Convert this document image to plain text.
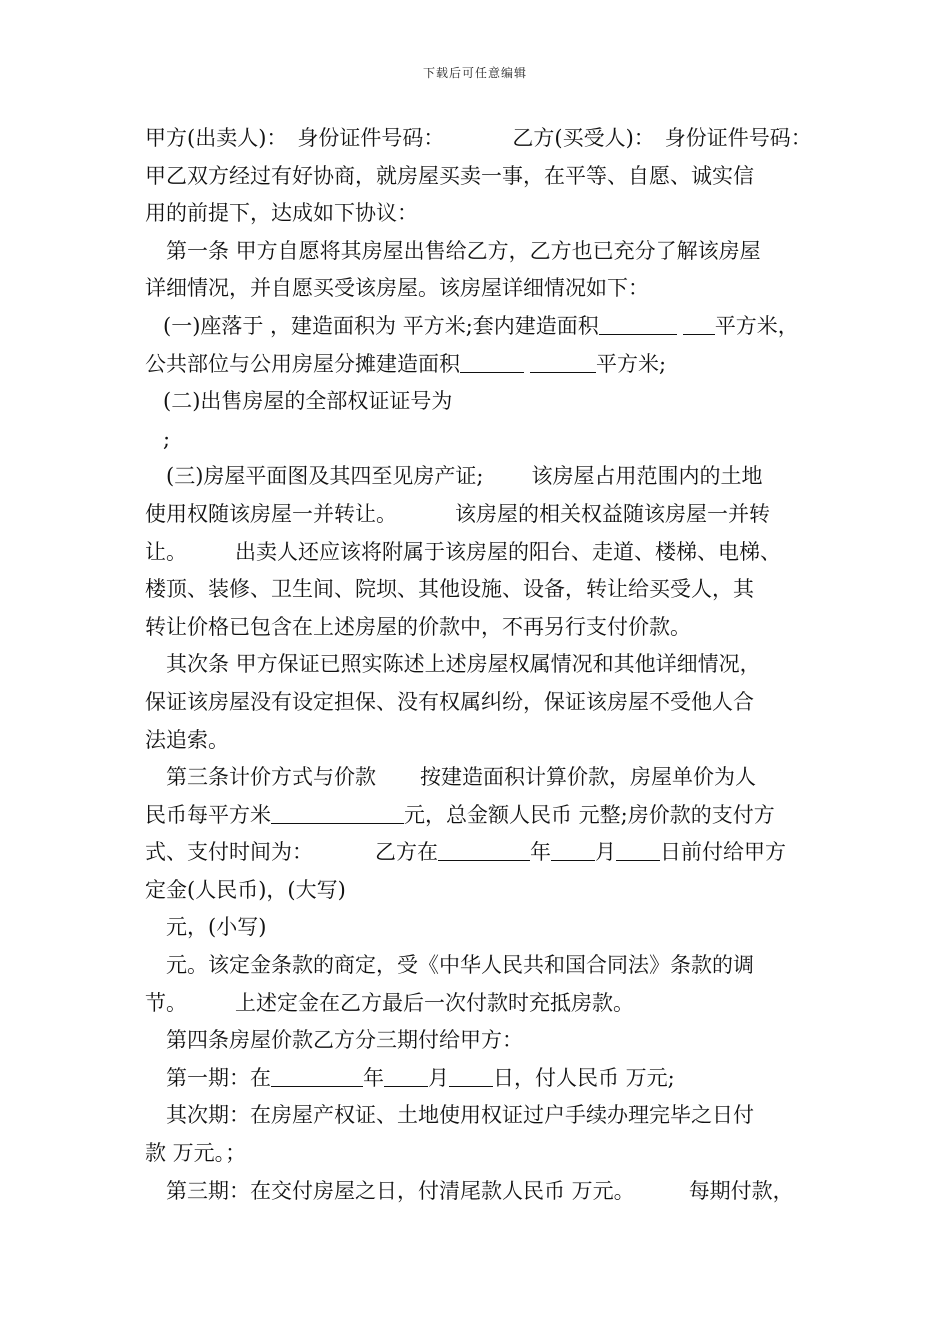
下载后可任意编辑
甲方(出卖人)： 身份证件号码：	乙方(买受人)： 身份证件号码：
甲乙双方经过有好协商，就房屋买卖一事，在平等、自愿、诚实信
用的前提下，达成如下协议：
第一条 甲方自愿将其房屋出售给乙方，乙方也已充分了解该房屋
详细情况，并自愿买受该房屋。该房屋详细情况如下：
(一)座落于 ，建造面积为 平方米;套内建造面积	平方米，
公共部位与公用房屋分摊建造面积	平方米;
(二)出售房屋的全部权证证号为
;
(三)房屋平面图及其四至见房产证; 该房屋占用范围内的土地
使用权随该房屋一并转让。	该房屋的相关权益随该房屋一并转
让。 出卖人还应该将附属于该房屋的阳台、走道、楼梯、电梯、
楼顶、装修、卫生间、院坝、其他设施、设备，转让给买受人，其
转让价格已包含在上述房屋的价款中，不再另行支付价款。
其次条 甲方保证已照实陈述上述房屋权属情况和其他详细情况，
保证该房屋没有设定担保、没有权属纠纷，保证该房屋不受他人合
法追索。
第三条计价方式与价款 按建造面积计算价款，房屋单价为人
民币每平方米	元，总金额人民币 元整;房价款的支付方
式、支付时间为：	乙方在	年 月 日前付给甲方
定金(人民币)，(大写)
元，(小写)
元。该定金条款的商定，受《中华人民共和国合同法》条款的调
节。 上述定金在乙方最后一次付款时充抵房款。
第四条房屋价款乙方分三期付给甲方：
第一期：在	年 月 日，付人民币 万元;
其次期：在房屋产权证、土地使用权证过户手续办理完毕之日付
款 万元。；
第三期：在交付房屋之日，付清尾款人民币 万元。	每期付款，
